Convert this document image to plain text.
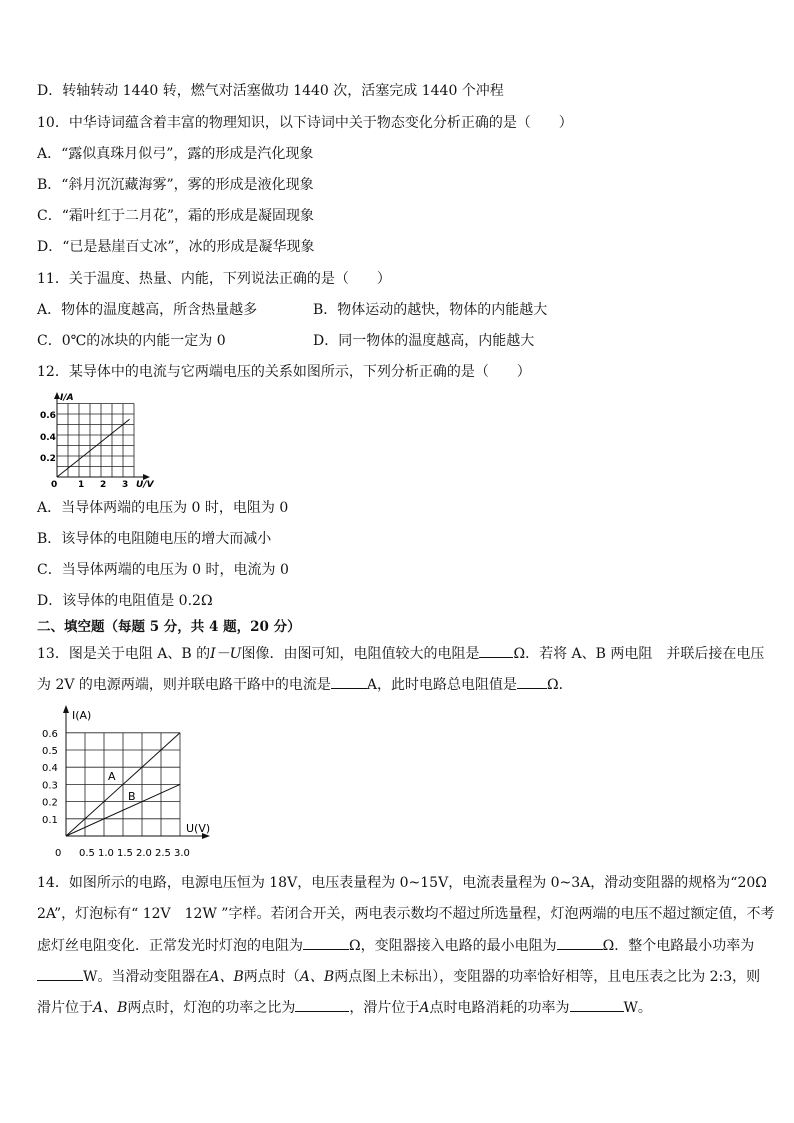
D．转轴转动 1440 转，燃气对活塞做功 1440 次，活塞完成 1440 个冲程
10．中华诗词蕴含着丰富的物理知识，以下诗词中关于物态变化分析正确的是（　　）
A．“露似真珠月似弓”，露的形成是汽化现象
B．“斜月沉沉藏海雾”，雾的形成是液化现象
C．“霜叶红于二月花”，霜的形成是凝固现象
D．“已是悬崖百丈冰”，冰的形成是凝华现象
11．关于温度、热量、内能，下列说法正确的是（　　）
A．物体的温度越高，所含热量越多	B．物体运动的越快，物体的内能越大
C．0℃的冰块的内能一定为 0	D．同一物体的温度越高，内能越大
12．某导体中的电流与它两端电压的关系如图所示，下列分析正确的是（　　）
I/A
U/V
0
0.6
0.4
0.2
1 2 3
A．当导体两端的电压为 0 时，电阻为 0
B．该导体的电阻随电压的增大而减小
C．当导体两端的电压为 0 时，电流为 0
D．该导体的电阻值是 0.2Ω
二、填空题（每题 5 分，共 4 题，20 分）
13．图是关于电阻 A、B 的I－U图像．由图可知，电阻值较大的电阻是 Ω．若将 A、B 两电阻　并联后接在电压
为 2V 的电源两端，则并联电路干路中的电流是	A，此时电路总电阻值是 Ω．
I(A)
U(V)
A
B
0
0.6
0.5
0.4
0.3
0.2
0.1
0.5 1.0 1.5 2.0 2.5 3.0
14．如图所示的电路，电源电压恒为 18V，电压表量程为 0~15V，电流表量程为 0~3A，滑动变阻器的规格为“20Ω
2A”，灯泡标有“ 12V　12W ”字样。若闭合开关，两电表示数均不超过所选量程，灯泡两端的电压不超过额定值，不考
虑灯丝电阻变化．正常发光时灯泡的电阻为	Ω，变阻器接入电路的最小电阻为	Ω．整个电路最小功率为
W。当滑动变阻器在A、B两点时（A、B两点图上未标出），变阻器的功率恰好相等，且电压表之比为 2:3，则
滑片位于A、B两点时，灯泡的功率之比为	，滑片位于A点时电路消耗的功率为	W。
